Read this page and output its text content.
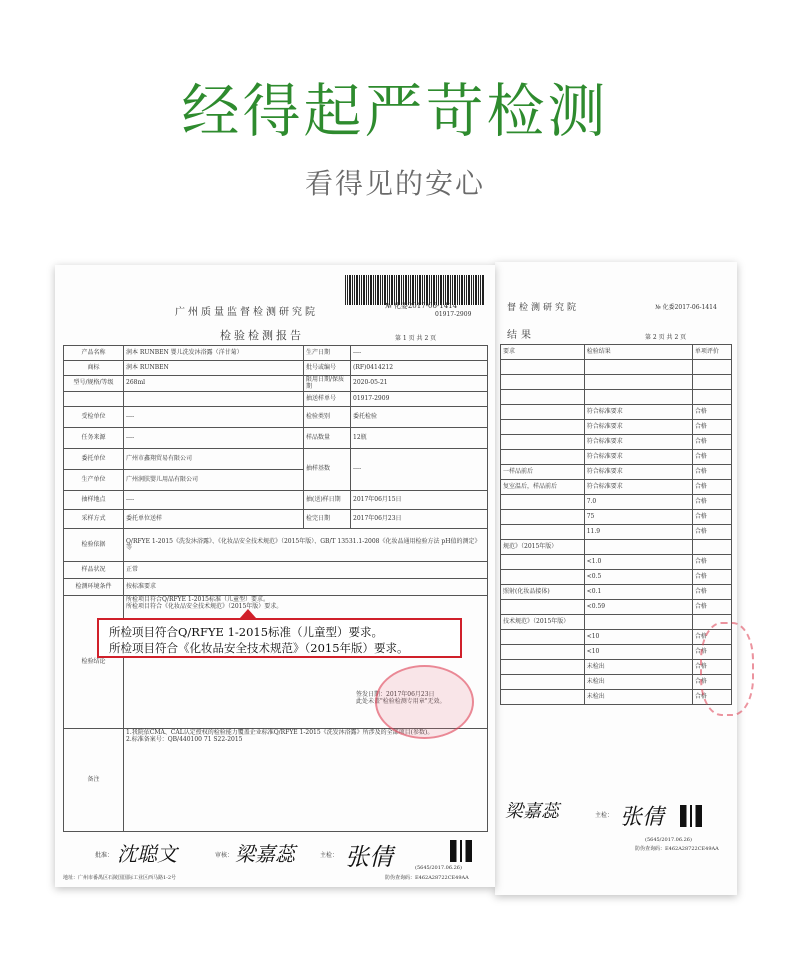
经得起严苛检测
看得见的安心
督检测研究院	№ 化委2017-06-1414
结果	第 2 页 共 2 页
要求	检验结果	单项评价

	符合标准要求	合格
	符合标准要求	合格
	符合标准要求	合格
	符合标准要求	合格
一样品前后	符合标准要求	合格
复室温后，样品前后	符合标准要求	合格
	7.0	合格
	75	合格
	11.9	合格
规范》（2015年版）		
	<1.0	合格
	<0.5	合格
照射(化妆品接体)	<0.1	合格
	<0.59	合格
技术规范》（2015年版）		
	<10	合格
	<10	合格
	未检出	合格
	未检出	合格
	未检出	合格
主检：
梁嘉蕊	张倩
(5645/2017.06.26)
防伪查询码：E462A28722CE49AA
广州质量监督检测研究院
№ 化委2017-06-1414
01917-2909
检验检测报告	第 1 页 共 2 页
产品名称	润本 RUNBEN 婴儿洗发沐浴露（洋甘菊）	生产日期	----
商标	润本 RUNBEN	批号或编号	(RF)0414212
型号/规格/等级	268ml	限用日期/保质期	2020-05-21
		抽送样单号	01917-2909
受检单位	----	检验类别	委托检验
任务来源	----	样品数量	12瓶
委托单位	广州市鑫翔贸易有限公司	抽样基数	----
生产单位	广州润肤婴儿用品有限公司		
抽样地点	----	抽(送)样日期	2017年06月15日
采样方式	委托单位送样	检完日期	2017年06月23日
检验依据	Q/RFYE 1-2015《洗发沐浴露》、《化妆品安全技术规范》（2015年版）、GB/T 13531.1-2008《化妆品通用检验方法 pH值的测定》等		
样品状况	正常		
检测环境条件	按标准要求		
检验结论	所检项目符合Q/RFYE 1-2015标准（儿童型）要求。
所检项目符合《化妆品安全技术规范》（2015年版）要求。
签发日期：2017年06月23日
此处未盖"检验检测专用章"无效。		

备注	1.我院依CMA、CAL认定授权的检验能力覆盖企业标准Q/RFYE 1-2015《洗发沐浴露》所涉及的全部项目(参数)。
2.标准备案号：QB/440100 71 S22-2015		
批准： 沈聪文	审核： 梁嘉蕊	主检： 张倩	(5645/2017.06.26)
地址：广州市番禺区石陵国国际工业区西马路1-2号	防伪查询码：E462A28722CE49AA
所检项目符合Q/RFYE 1-2015标准（儿童型）要求。
所检项目符合《化妆品安全技术规范》（2015年版）要求。
